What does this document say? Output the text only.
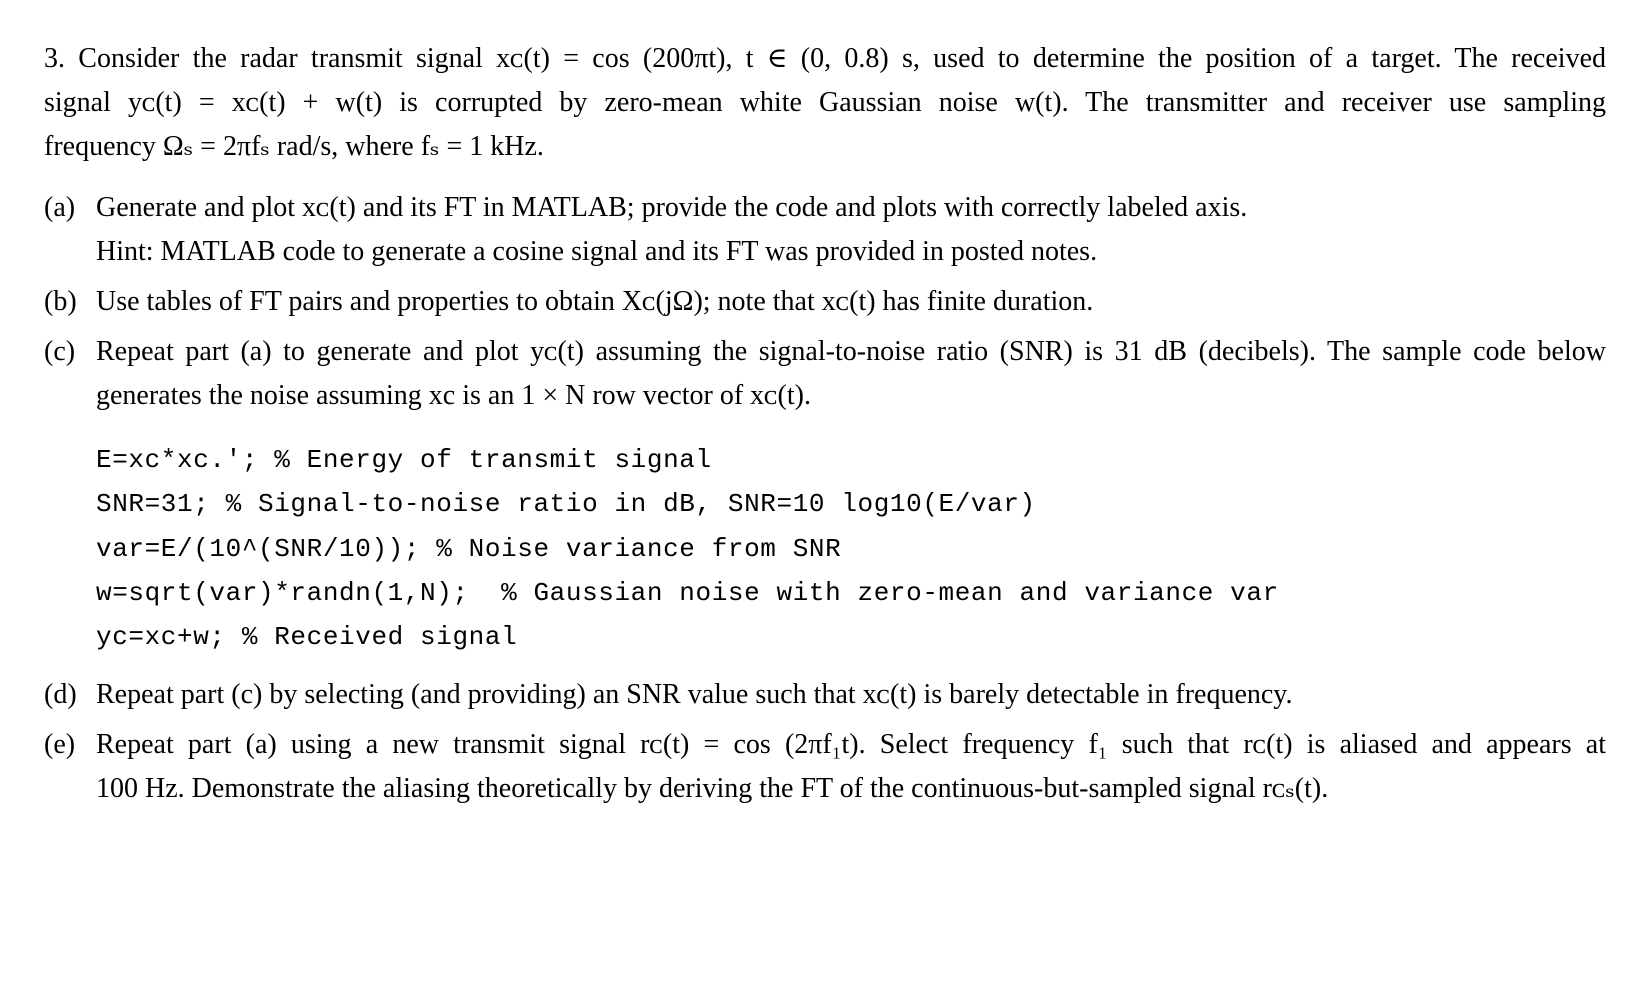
3. Consider the radar transmit signal xᴄ(t) = cos (200πt), t ∈ (0, 0.8) s, used to determine the position of a target. The received
signal yᴄ(t) = xᴄ(t) + w(t) is corrupted by zero-mean white Gaussian noise w(t). The transmitter and receiver use sampling
frequency Ωₛ = 2πfₛ rad/s, where fₛ = 1 kHz.
(a) Generate and plot xᴄ(t) and its FT in MATLAB; provide the code and plots with correctly labeled axis.
Hint: MATLAB code to generate a cosine signal and its FT was provided in posted notes.
(b) Use tables of FT pairs and properties to obtain Xᴄ(jΩ); note that xᴄ(t) has finite duration.
(c) Repeat part (a) to generate and plot yᴄ(t) assuming the signal-to-noise ratio (SNR) is 31 dB (decibels). The sample code below
generates the noise assuming xc is an 1 × N row vector of xᴄ(t).
E=xc*xc.'; % Energy of transmit signal
SNR=31; % Signal-to-noise ratio in dB, SNR=10 log10(E/var)
var=E/(10^(SNR/10)); % Noise variance from SNR
w=sqrt(var)*randn(1,N);  % Gaussian noise with zero-mean and variance var
yc=xc+w; % Received signal
(d) Repeat part (c) by selecting (and providing) an SNR value such that xᴄ(t) is barely detectable in frequency.
(e) Repeat part (a) using a new transmit signal rᴄ(t) = cos (2πf₁t). Select frequency f₁ such that rᴄ(t) is aliased and appears at
100 Hz. Demonstrate the aliasing theoretically by deriving the FT of the continuous-but-sampled signal rᴄₛ(t).
